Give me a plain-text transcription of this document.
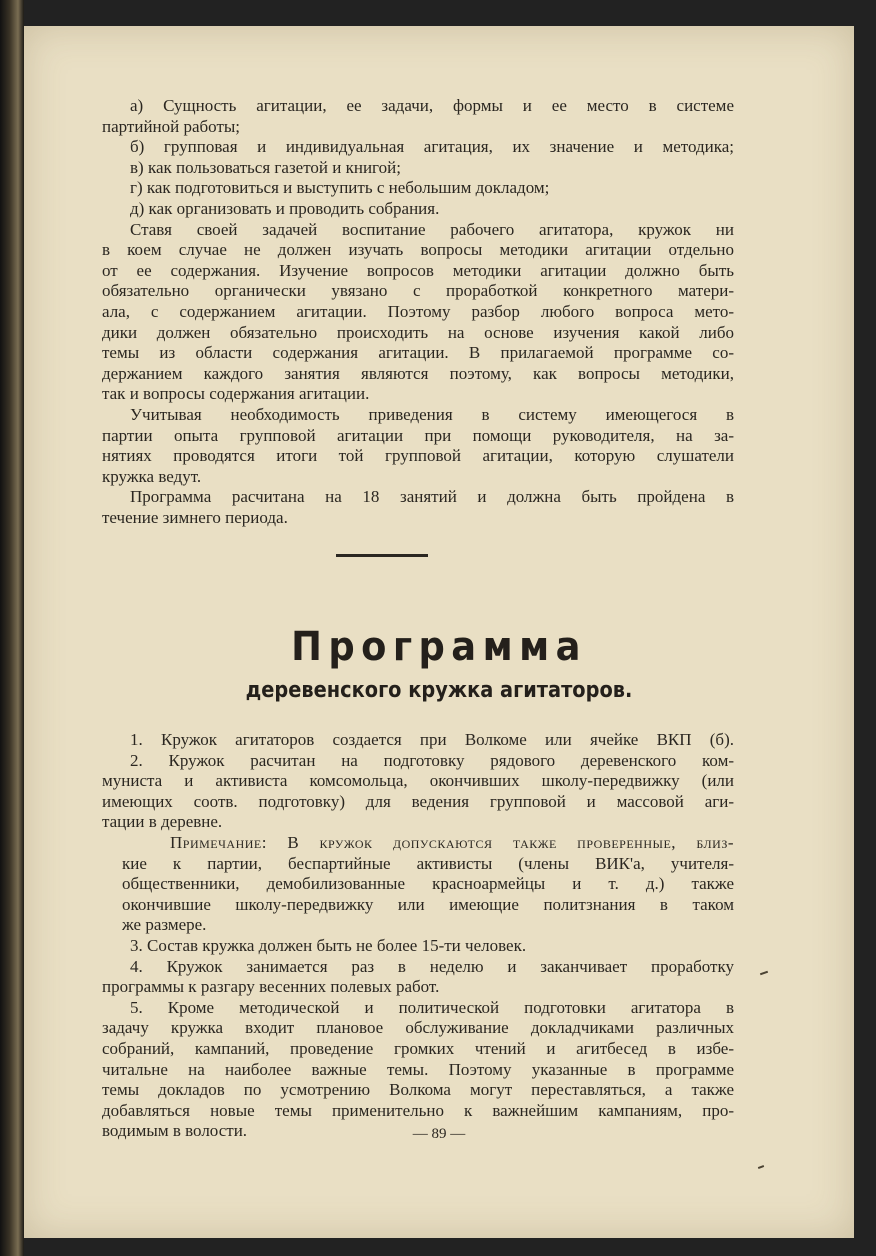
а) Сущность агитации, ее задачи, формы и ее место в системе
партийной работы;
б) групповая и индивидуальная агитация, их значение и методика;
в) как пользоваться газетой и книгой;
г) как подготовиться и выступить с небольшим докладом;
д) как организовать и проводить собрания.
Ставя своей задачей воспитание рабочего агитатора, кружок ни
в коем случае не должен изучать вопросы методики агитации отдельно
от ее содержания. Изучение вопросов методики агитации должно быть
обязательно органически увязано с проработкой конкретного матери-
ала, с содержанием агитации. Поэтому разбор любого вопроса мето-
дики должен обязательно происходить на основе изучения какой либо
темы из области содержания агитации. В прилагаемой программе со-
держанием каждого занятия являются поэтому, как вопросы методики,
так и вопросы содержания агитации.
Учитывая необходимость приведения в систему имеющегося в
партии опыта групповой агитации при помощи руководителя, на за-
нятиях проводятся итоги той групповой агитации, которую слушатели
кружка ведут.
Программа расчитана на 18 занятий и должна быть пройдена в
течение зимнего периода.
Программа
деревенского кружка агитаторов.
1. Кружок агитаторов создается при Волкоме или ячейке ВКП (б).
2. Кружок расчитан на подготовку рядового деревенского ком-
муниста и активиста комсомольца, окончивших школу-передвижку (или
имеющих соотв. подготовку) для ведения групповой и массовой аги-
тации в деревне.
Примечание: В кружок допускаются также проверенные, близ-
кие к партии, беспартийные активисты (члены ВИК'а, учителя-
общественники, демобилизованные красноармейцы и т. д.) также
окончившие школу-передвижку или имеющие политзнания в таком
же размере.
3. Состав кружка должен быть не более 15-ти человек.
4. Кружок занимается раз в неделю и заканчивает проработку
программы к разгару весенних полевых работ.
5. Кроме методической и политической подготовки агитатора в
задачу кружка входит плановое обслуживание докладчиками различных
собраний, кампаний, проведение громких чтений и агитбесед в избе-
читальне на наиболее важные темы. Поэтому указанные в программе
темы докладов по усмотрению Волкома могут переставляться, а также
добавляться новые темы применительно к важнейшим кампаниям, про-
водимым в волости.	— 89 —
